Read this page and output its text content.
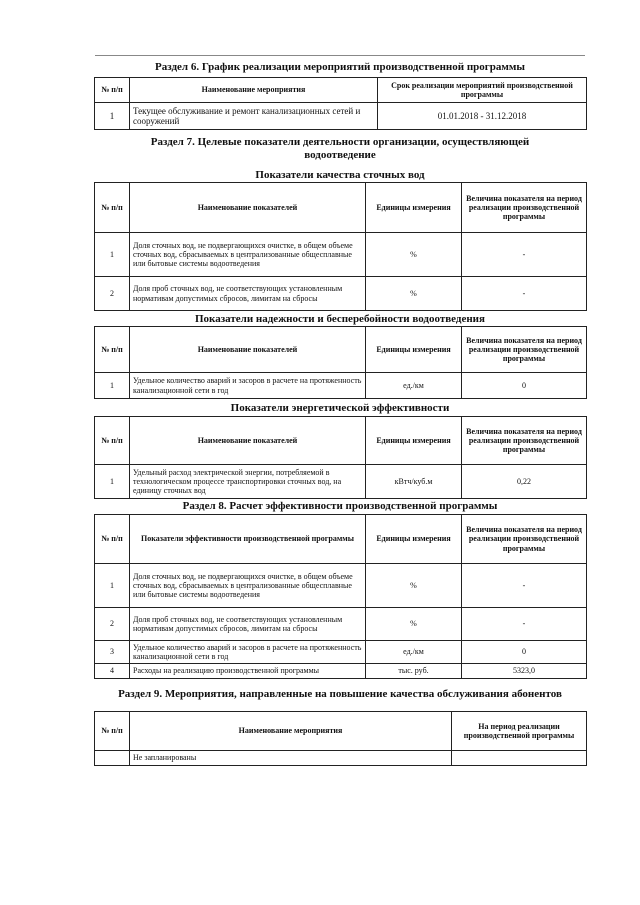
Раздел 6. График реализации мероприятий производственной программы
№ п/п	Наименование мероприятия	Срок реализации мероприятий производственной программы
1	Текущее обслуживание и ремонт канализационных сетей и сооружений	01.01.2018 - 31.12.2018
Раздел 7. Целевые показатели деятельности организации, осуществляющей
водоотведение
Показатели качества сточных вод
№ п/п	Наименование показателей	Единицы измерения	Величина показателя на период реализации производственной программы
1	Доля сточных вод, не подвергающихся очистке, в общем объеме сточных вод, сбрасываемых в централизованные общесплавные или бытовые системы водоотведения	%	-
2	Доля проб сточных вод, не соответствующих установленным нормативам допустимых сбросов, лимитам на сбросы	%	-
Показатели надежности и бесперебойности водоотведения
№ п/п	Наименование показателей	Единицы измерения	Величина показателя на период реализации производственной программы
1	Удельное количество аварий и засоров в расчете на протяженность канализационной сети в год	ед./км	0
Показатели энергетической эффективности
№ п/п	Наименование показателей	Единицы измерения	Величина показателя на период реализации производственной программы
1	Удельный расход электрической энергии, потребляемой в технологическом процессе транспортировки сточных вод, на единицу сточных вод	кВтч/куб.м	0,22
Раздел 8. Расчет эффективности производственной программы
№ п/п	Показатели эффективности производственной программы	Единицы измерения	Величина показателя на период реализации производственной программы
1	Доля сточных вод, не подвергающихся очистке, в общем объеме сточных вод, сбрасываемых в централизованные общесплавные или бытовые системы водоотведения	%	-
2	Доля проб сточных вод, не соответствующих установленным нормативам допустимых сбросов, лимитам на сбросы	%	-
3	Удельное количество аварий и засоров в расчете на протяженность канализационной сети в год	ед./км	0
4	Расходы на реализацию производственной программы	тыс. руб.	5323,0
Раздел 9. Мероприятия, направленные на повышение качества обслуживания абонентов
№ п/п	Наименование мероприятия	На период реализации производственной программы
	Не запланированы	
